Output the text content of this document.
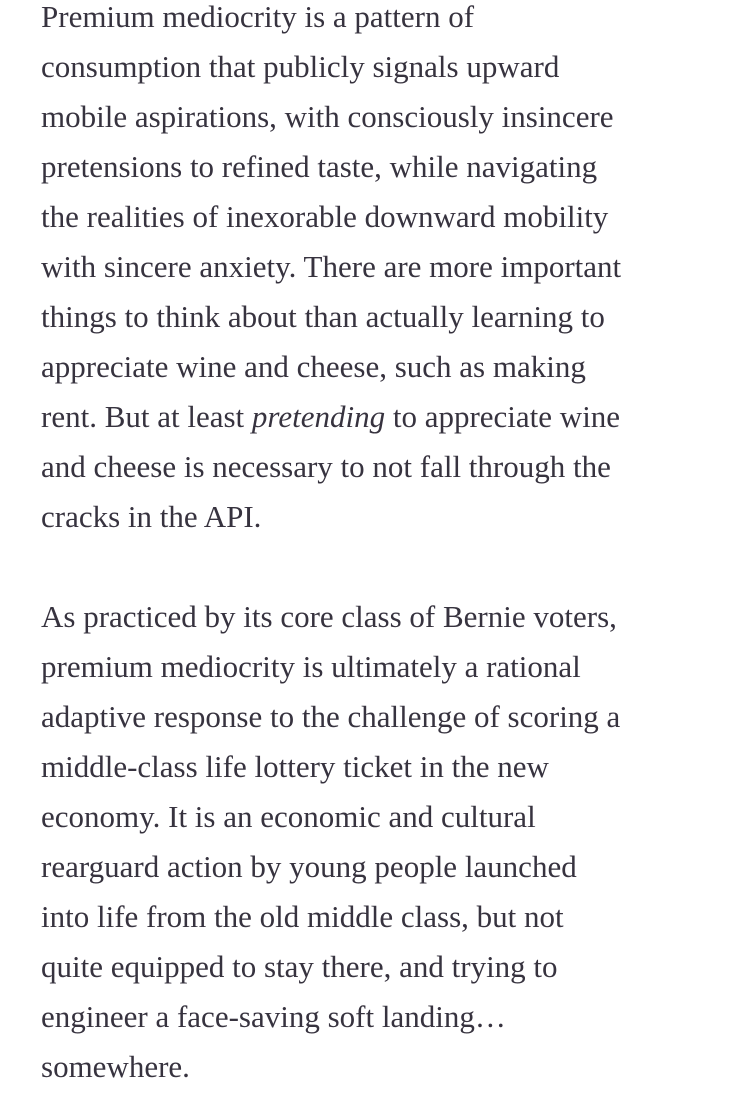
Premium mediocrity is a pattern of
consumption that publicly signals upward
mobile aspirations, with consciously insincere
pretensions to refined taste, while navigating
the realities of inexorable downward mobility
with sincere anxiety. There are more important
things to think about than actually learning to
appreciate wine and cheese, such as making
rent. But at least pretending to appreciate wine
and cheese is necessary to not fall through the
cracks in the API.

As practiced by its core class of Bernie voters,
premium mediocrity is ultimately a rational
adaptive response to the challenge of scoring a
middle-class life lottery ticket in the new
economy. It is an economic and cultural
rearguard action by young people launched
into life from the old middle class, but not
quite equipped to stay there, and trying to
engineer a face-saving soft landing…
somewhere.
